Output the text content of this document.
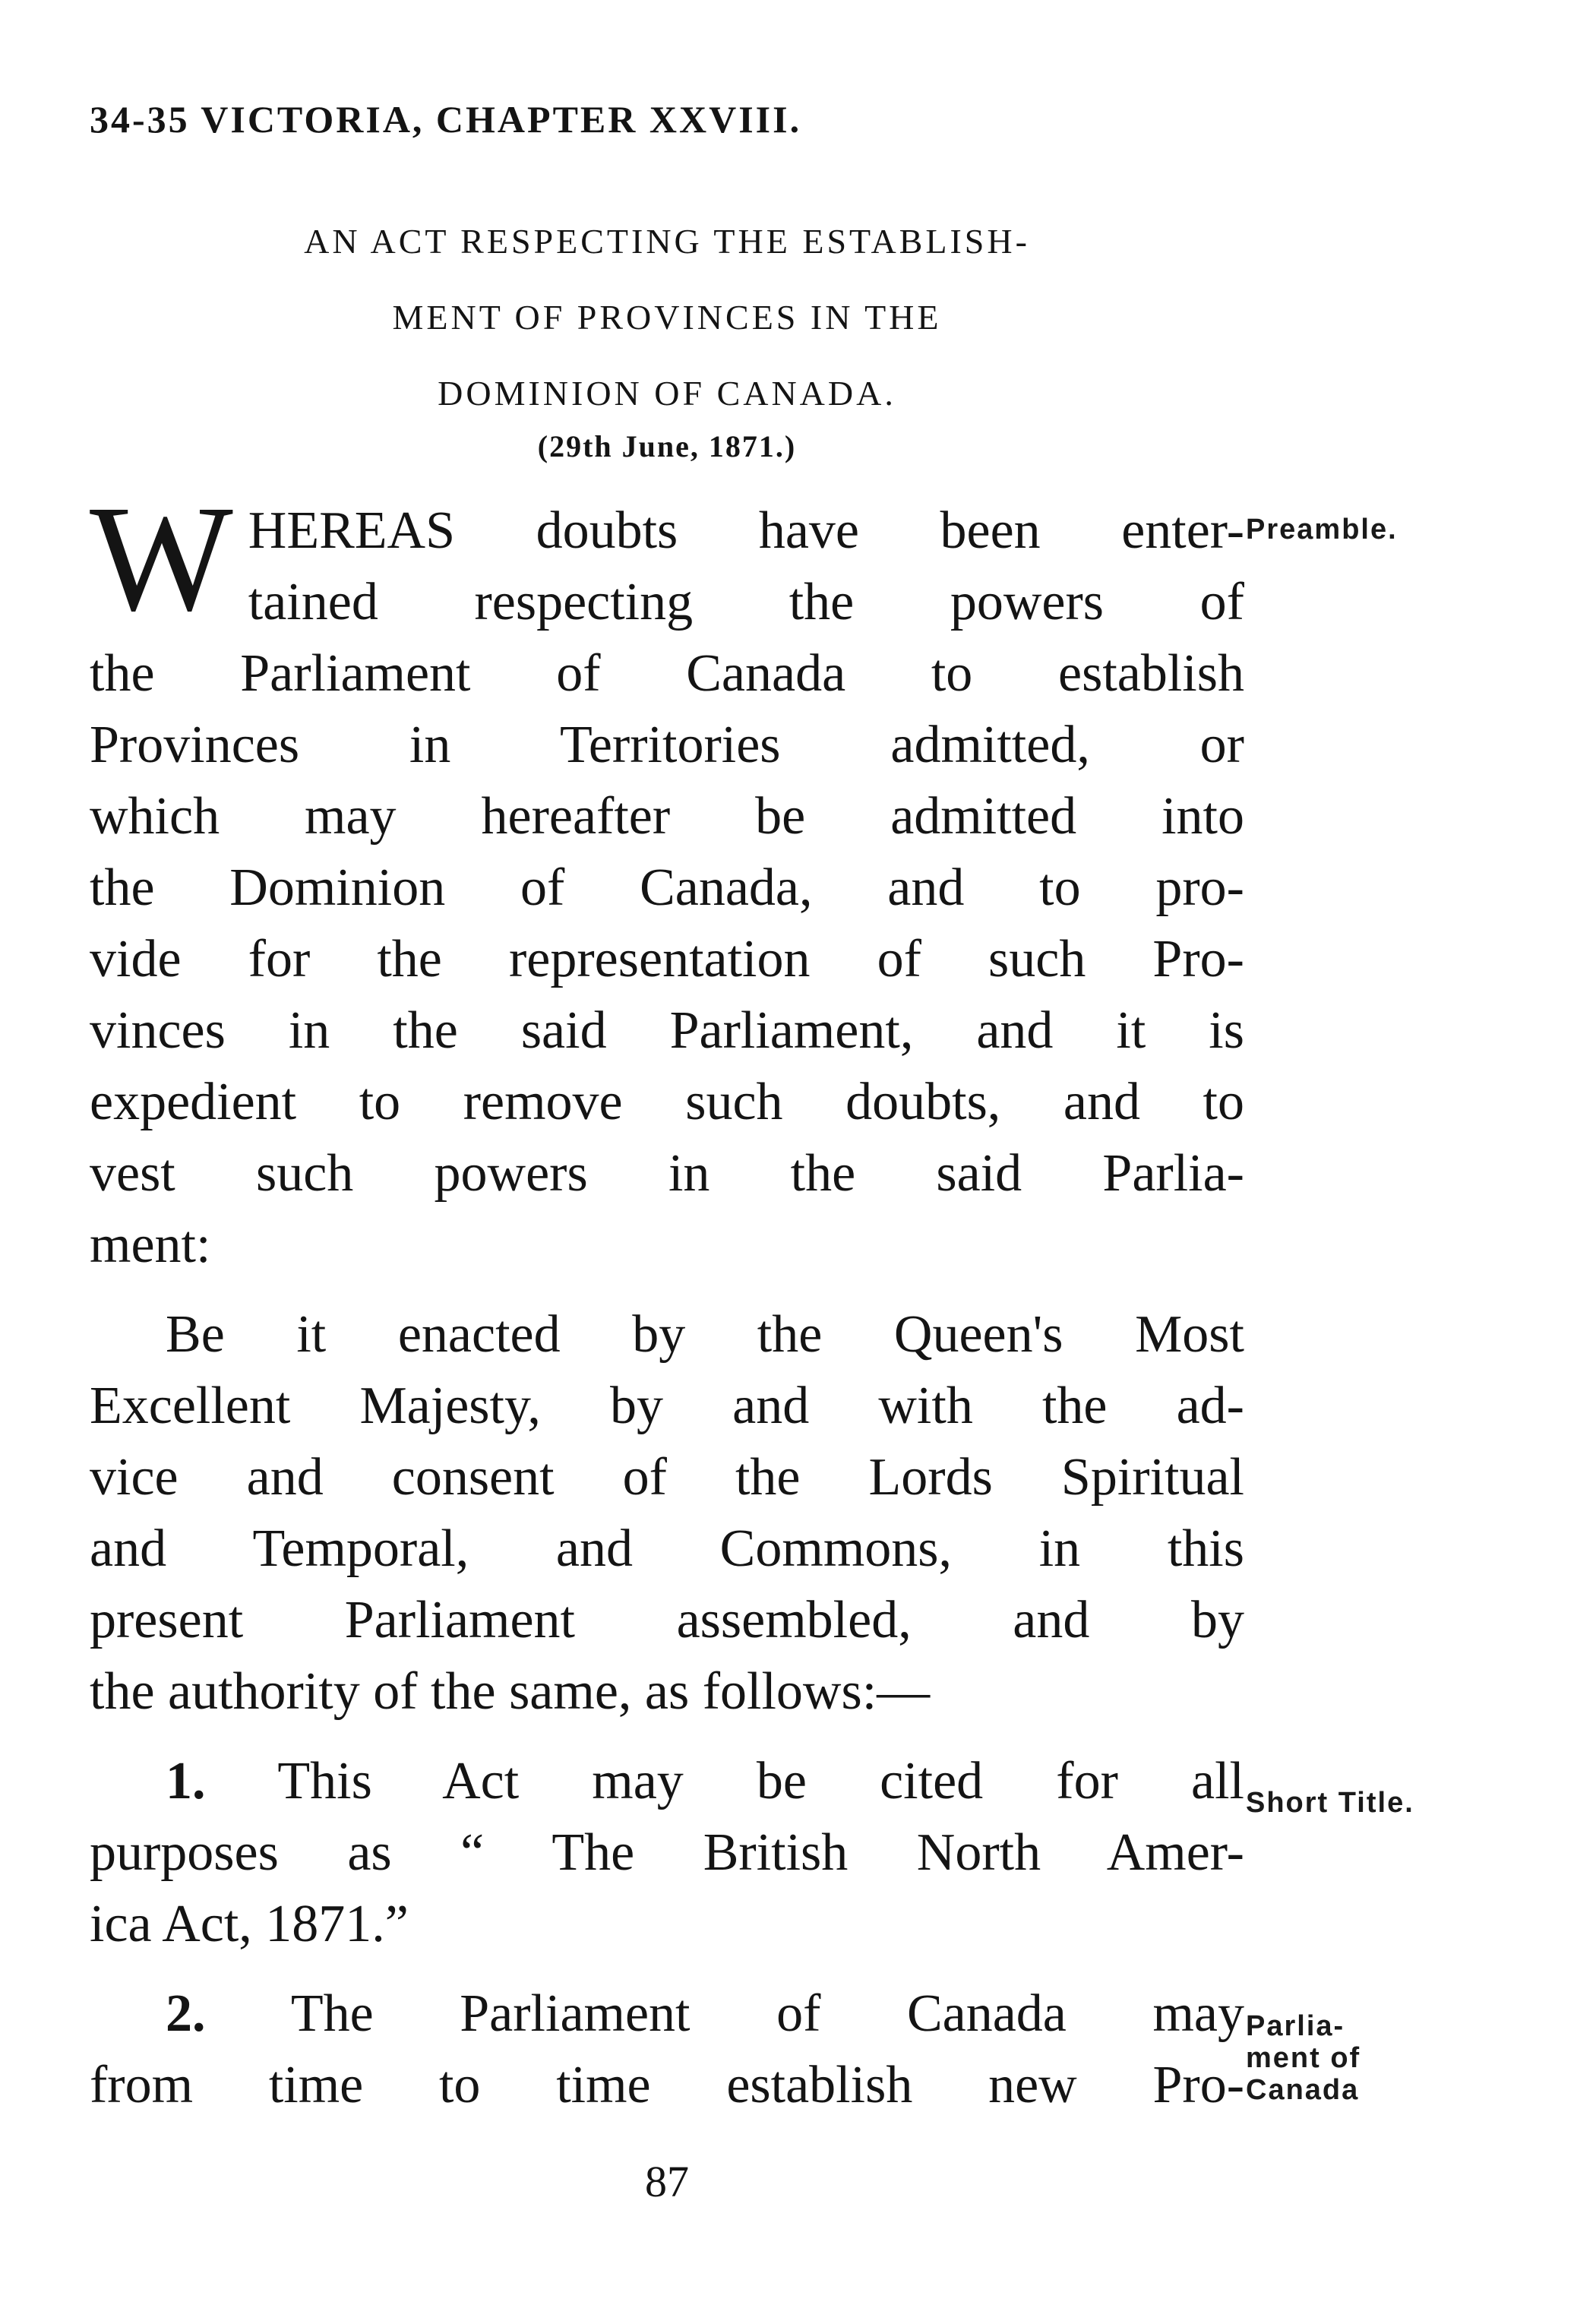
34-35 VICTORIA, CHAPTER XXVIII.
AN ACT RESPECTING THE ESTABLISH-
MENT OF PROVINCES IN THE
DOMINION OF CANADA.
(29th June, 1871.)
W HEREAS doubts have been enter-
tained respecting the powers of
the Parliament of Canada to establish
Provinces in Territories admitted, or
which may hereafter be admitted into
the Dominion of Canada, and to pro-
vide for the representation of such Pro-
vinces in the said Parliament, and it is
expedient to remove such doubts, and to
vest such powers in the said Parlia-
ment:
Be it enacted by the Queen's Most
Excellent Majesty, by and with the ad-
vice and consent of the Lords Spiritual
and Temporal, and Commons, in this
present Parliament assembled, and by
the authority of the same, as follows:—
1. This Act may be cited for all
purposes as “ The British North Amer-
ica Act, 1871.”
2. The Parliament of Canada may
from time to time establish new Pro-
Preamble.
Short Title.
Parlia-
ment of
Canada
87
